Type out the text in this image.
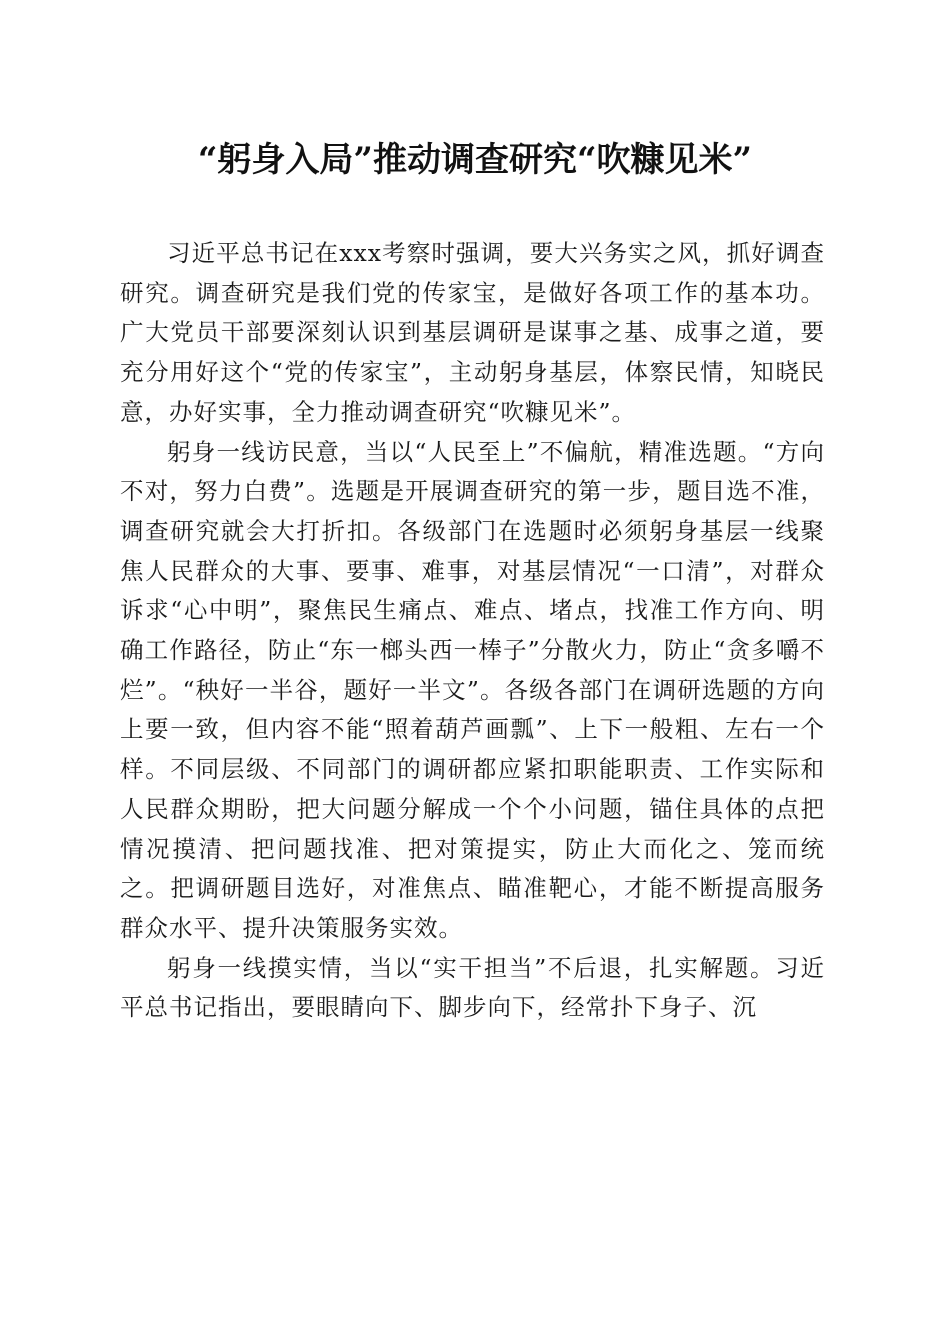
“躬身入局”推动调查研究“吹糠见米”

习近平总书记在xxx考察时强调，要大兴务实之风，抓好调查研究。调查研究是我们党的传家宝，是做好各项工作的基本功。广大党员干部要深刻认识到基层调研是谋事之基、成事之道，要充分用好这个“党的传家宝”，主动躬身基层，体察民情，知晓民意，办好实事，全力推动调查研究“吹糠见米”。

躬身一线访民意，当以“人民至上”不偏航，精准选题。“方向不对，努力白费”。选题是开展调查研究的第一步，题目选不准，调查研究就会大打折扣。各级部门在选题时必须躬身基层一线聚焦人民群众的大事、要事、难事，对基层情况“一口清”，对群众诉求“心中明”，聚焦民生痛点、难点、堵点，找准工作方向、明确工作路径，防止“东一榔头西一棒子”分散火力，防止“贪多嚼不烂”。“秧好一半谷，题好一半文”。各级各部门在调研选题的方向上要一致，但内容不能“照着葫芦画瓢”、上下一般粗、左右一个样。不同层级、不同部门的调研都应紧扣职能职责、工作实际和人民群众期盼，把大问题分解成一个个小问题，锚住具体的点把情况摸清、把问题找准、把对策提实，防止大而化之、笼而统之。把调研题目选好，对准焦点、瞄准靶心，才能不断提高服务群众水平、提升决策服务实效。

躬身一线摸实情，当以“实干担当”不后退，扎实解题。习近平总书记指出，要眼睛向下、脚步向下，经常扑下身子、沉
